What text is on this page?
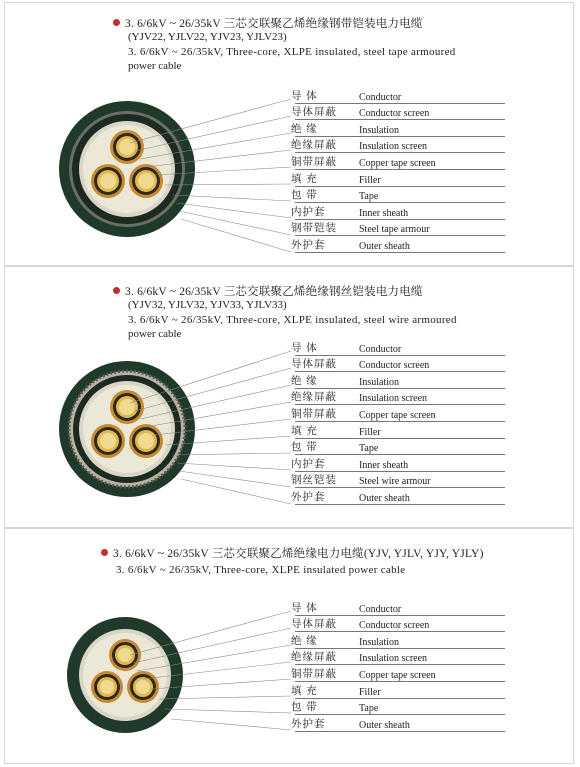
3. 6/6kV ~ 26/35kV 三芯交联聚乙烯绝缘钢带铠装电力电缆
(YJV22, YJLV22, YJV23, YJLV23)
3. 6/6kV ~ 26/35kV, Three-core, XLPE insulated, steel tape armoured
power cable
导 体	Conductor
导体屏蔽 Conductor screen
绝 缘	Insulation
绝缘屏蔽 Insulation screen
铜带屏蔽 Copper tape screen
填 充	Filler
包 带	Tape
内护套	Inner sheath
钢带铠装 Steel tape armour
外护套	Outer sheath
3. 6/6kV ~ 26/35kV 三芯交联聚乙烯绝缘钢丝铠装电力电缆
(YJV32, YJLV32, YJV33, YJLV33)
3. 6/6kV ~ 26/35kV, Three-core, XLPE insulated, steel wire armoured
power cable
导 体	Conductor
导体屏蔽 Conductor screen
绝 缘	Insulation
绝缘屏蔽 Insulation screen
铜带屏蔽 Copper tape screen
填 充	Filler
包 带	Tape
内护套	Inner sheath
钢丝铠装 Steel wire armour
外护套	Outer sheath
3. 6/6kV ~ 26/35kV 三芯交联聚乙烯绝缘电力电缆(YJV, YJLV, YJY, YJLY)
3. 6/6kV ~ 26/35kV, Three-core, XLPE insulated power cable
导 体	Conductor
导体屏蔽 Conductor screen
绝 缘	Insulation
绝缘屏蔽 Insulation screen
铜带屏蔽 Copper tape screen
填 充	Filler
包 带	Tape
外护套	Outer sheath
